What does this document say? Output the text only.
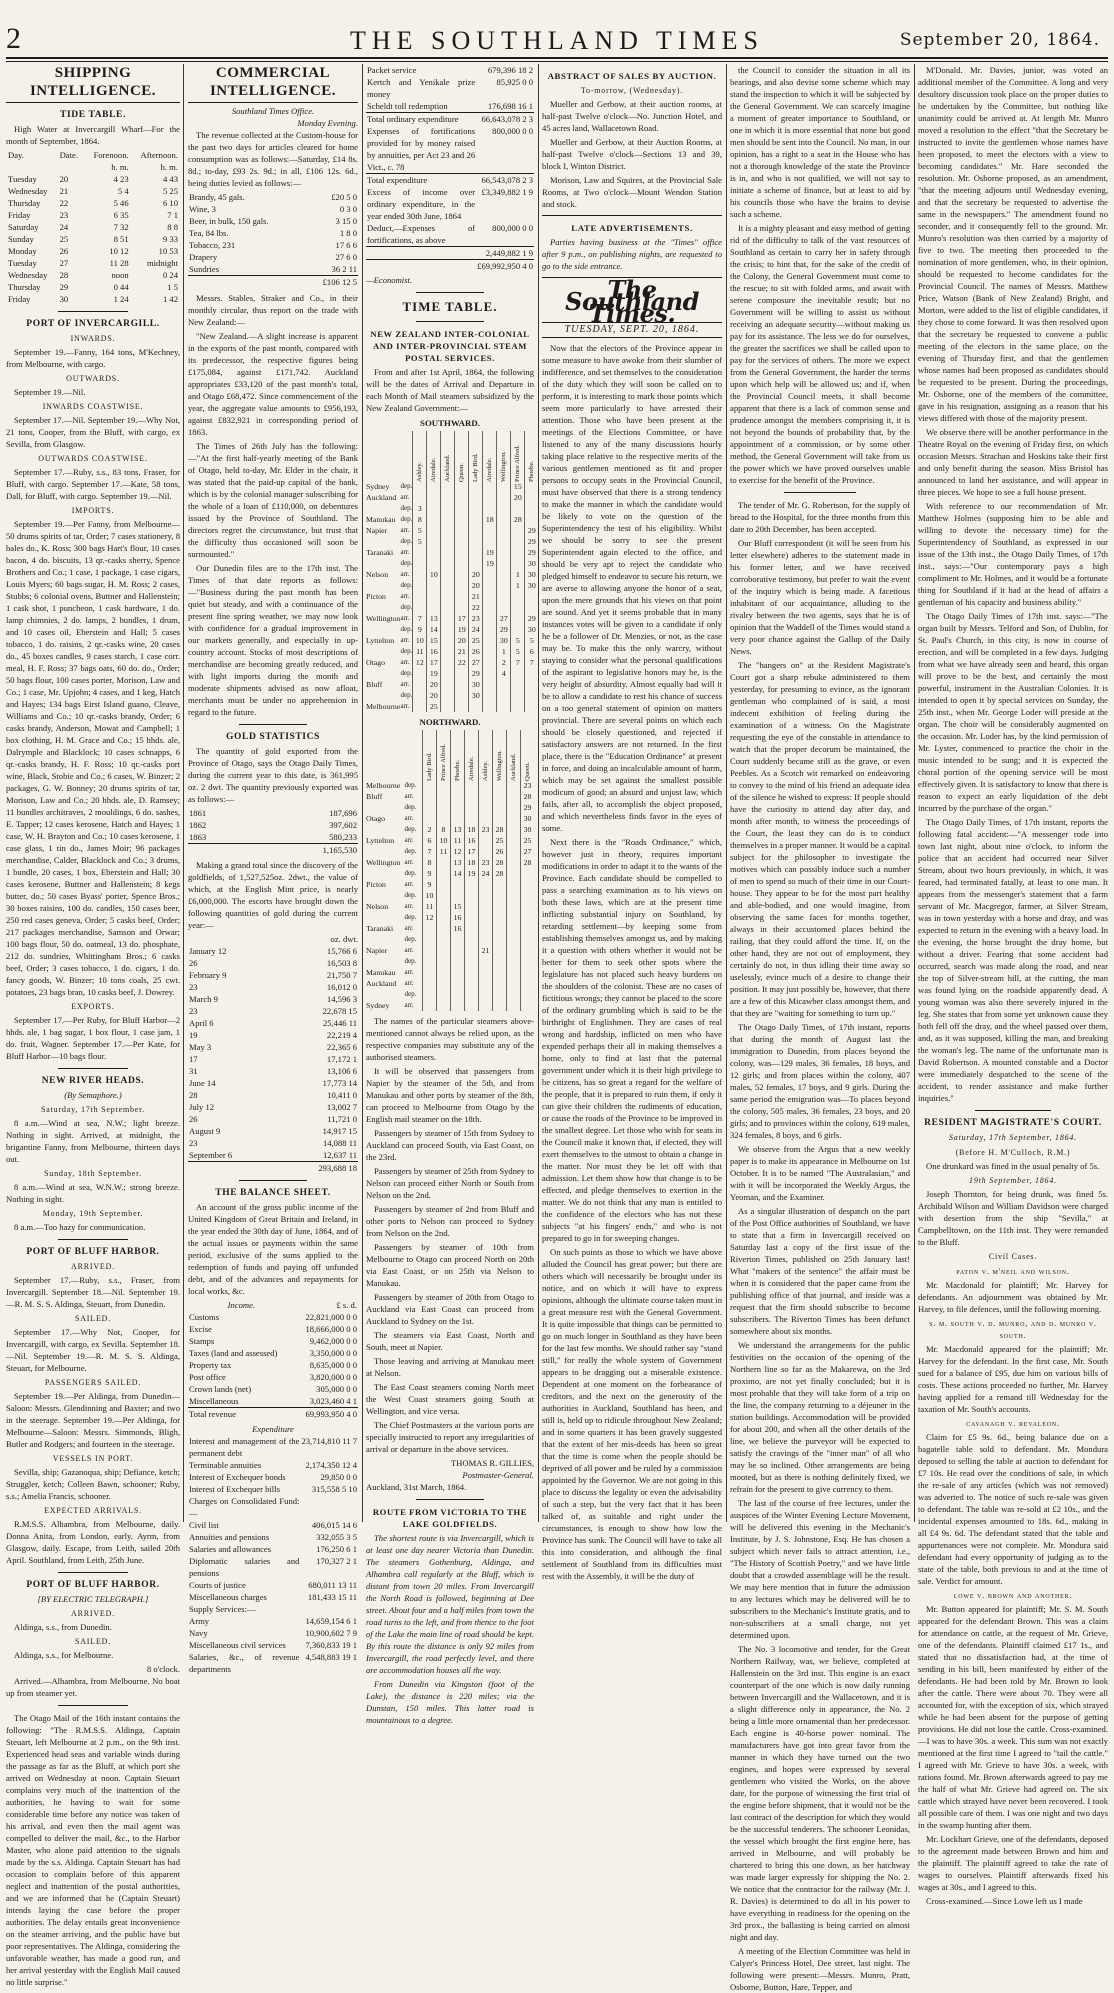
2	THE SOUTHLAND TIMES	September 20, 1864.
SHIPPING INTELLIGENCE.
TIDE TABLE.
High Water at Invercargill Wharf—For the month of September, 1864.
Day.	Date.	Forenoon.	Afternoon.
		h. m.	h. m.
Tuesday	20	4 23	4 43
Wednesday	21	5 4	5 25
Thursday	22	5 46	6 10
Friday	23	6 35	7 1
Saturday	24	7 32	8 8
Sunday	25	8 51	9 33
Monday	26	10 12	10 53
Tuesday	27	11 28	midnight
Wednesday	28	noon	0 24
Thursday	29	0 44	1 5
Friday	30	1 24	1 42
PORT OF INVERCARGILL.
INWARDS.
September 19.—Fanny, 164 tons, M'Kechney, from Melbourne, with cargo.
OUTWARDS.
September 19.—Nil.
INWARDS COASTWISE.
September 17.—Nil. September 19.—Why Not, 21 tons, Cooper, from the Bluff, with cargo, ex Sevilla, from Glasgow.
OUTWARDS COASTWISE.
September 17.—Ruby, s.s., 83 tons, Fraser, for Bluff, with cargo. September 17.—Kate, 58 tons, Dall, for Bluff, with cargo. September 19.—Nil.
IMPORTS.
September 19.—Per Fanny, from Melbourne—50 drums spirits of tar, Order; 7 cases stationery, 8 bales do., K. Ross; 300 bags Hart's flour, 10 cases bacon, 4 do. biscuits, 13 qr.-casks sherry, Spence Brothers and Co.; 1 case, 1 package, 1 case cigars, Louis Myers; 60 bags sugar, H. M. Ross; 2 cases, Stubbs; 6 colonial ovens, Buttner and Hallenstein; 1 cask shot, 1 puncheon, 1 cask hardware, 1 do. lamp chimnies, 2 do. lamps, 2 bundles, 1 drum, and 10 cases oil, Eberstein and Hall; 5 cases tobacco, 1 do. raisins, 2 qr.-casks wine, 20 cases do., 45 boxes candles, 9 cases starch, 1 case corr. meal, H. F. Ross; 37 bags oats, 60 do. do., Order; 50 bags flour, 100 cases porter, Morison, Law and Co.; 1 case, Mr. Upjohn; 4 cases, and 1 keg, Hatch and Hayes; 134 bags Eirst Island guano, Cleave, Williams and Co.; 10 qr.-casks brandy, Order; 6 casks brandy, Anderson, Mowat and Campbell; 1 box clothing, H. M. Grace and Co.; 15 hhds. ale, Dalrymple and Blacklock; 10 cases schnapps, 6 qr.-casks brandy, H. F. Ross; 10 qr.-casks port wine, Black, Stobie and Co.; 6 cases, W. Binzer; 2 packages, G. W. Bonney; 20 drums spirits of tar, Morison, Law and Co.; 20 hhds. ale, D. Ramsey; 11 bundles architraves, 2 mouldings, 6 do. sashes, E. Tapper; 12 cases kerosene, Hatch and Hayes; 1 case, W. H. Brayton and Co.; 10 cases kerosene, 1 case glass, 1 tin do., James Moir; 96 packages merchandise, Calder, Blacklock and Co.; 3 drums, 1 bundle, 20 cases, 1 box, Eberstein and Hall; 30 cases kerosene, Buttner and Hallenstein; 8 kegs butter, do.; 50 cases Byass' porter, Spence Bros.; 30 boxes raisins, 100 do. candles, 150 cases beer, 250 red cases geneva, Order; 5 casks beef, Order; 217 packages merchandise, Samson and Orwar; 100 bags flour, 50 do. oatmeal, 13 do. phosphate, 212 do. sundries, Whittingham Bros.; 6 casks beef, Order; 3 cases tobacco, 1 do. cigars, 1 do. fancy goods, W. Binzer; 10 tons coals, 25 cwt. potatoes, 23 bags bran, 10 casks beef, J. Dowrey.
EXPORTS.
September 17.—Per Ruby, for Bluff Harbor—2 hhds. ale, 1 bag sugar, 1 box flour, 1 case jam, 1 do. fruit, Wagner. September 17.—Per Kate, for Bluff Harbor—10 bags flour.
NEW RIVER HEADS.
(By Semaphore.)
Saturday, 17th September.
8 a.m.—Wind at sea, N.W.; light breeze. Nothing in sight. Arrived, at midnight, the brigantine Fanny, from Melbourne, thirteen days out.
Sunday, 18th September.
8 a.m.—Wind at sea, W.N.W.; strong breeze. Nothing in sight.
Monday, 19th September.
8 a.m.—Too hazy for communication.
PORT OF BLUFF HARBOR.
ARRIVED.
September 17.—Ruby, s.s., Fraser, from Invercargill. September 18.—Nil. September 19.—R. M. S. S. Aldinga, Steuart, from Dunedin.
SAILED.
September 17.—Why Not, Cooper, for Invercargill, with cargo, ex Sevilla. September 18.—Nil. September 19.—R. M. S. S. Aldinga, Steuart, for Melbourne.
PASSENGERS SAILED.
September 19.—Per Aldinga, from Dunedin—Saloon: Messrs. Glendinning and Baxter; and two in the steerage. September 19.—Per Aldinga, for Melbourne—Saloon: Messrs. Simmonds, Bligh, Butler and Rodgers; and fourteen in the steerage.
VESSELS IN PORT.
Sevilla, ship; Gazanoqua, ship; Defiance, ketch; Struggler, ketch; Colleen Bawn, schooner; Ruby, s.s.; Amelia Francis, schooner.
EXPECTED ARRIVALS.
R.M.S.S. Alhambra, from Melbourne, daily. Donna Anita, from London, early. Ayrm, from Glasgow, daily. Escape, from Leith, sailed 20th April. Southland, from Leith, 25th June.
PORT OF BLUFF HARBOR.
[BY ELECTRIC TELEGRAPH.]
ARRIVED.
Aldinga, s.s., from Dunedin.
SAILED.
Aldinga, s.s., for Melbourne.
8 o'clock.
Arrived.—Alhambra, from Melbourne. No boat up from steamer yet.
The Otago Mail of the 16th instant contains the following: "The R.M.S.S. Aldinga, Captain Steuart, left Melbourne at 2 p.m., on the 9th inst. Experienced head seas and variable winds during the passage as far as the Bluff, at which port she arrived on Wednesday at noon. Captain Steuart complains very much of the inattention of the authorities, he having to wait for some considerable time before any notice was taken of his arrival, and even then the mail agent was compelled to deliver the mail, &c., to the Harbor Master, who alone paid attention to the signals made by the s.s. Aldinga. Captain Steuart has had occasion to complain before of this apparent neglect and inattention of the postal authorities, and we are informed that he (Captain Steuart) intends laying the case before the proper authorities. The delay entails great inconvenience on the steamer arriving, and the public have but poor representatives. The Aldinga, considering the unfavorable weather, has made a good run, and her arrival yesterday with the English Mail caused no little surprise."
COMMERCIAL INTELLIGENCE.
Southland Times Office.
Monday Evening.
The revenue collected at the Custom-house for the past two days for articles cleared for home consumption was as follows:—Saturday, £14 8s. 8d.; to-day, £93 2s. 9d.; in all, £106 12s. 6d., being duties levied as follows:—
Brandy, 45 gals.	£20 5 0
Wine, 3	0 3 0
Beer, in bulk, 150 gals.	3 15 0
Tea, 84 lbs.	1 8 0
Tobacco, 231	17 6 6
Drapery	27 6 0
Sundries	36 2 11
	£106 12 5
Messrs. Stables, Straker and Co., in their monthly circular, thus report on the trade with New Zealand:—
"New Zealand.—A slight increase is apparent in the exports of the past month, compared with its predecessor, the respective figures being £175,084, against £171,742. Auckland appropriates £33,120 of the past month's total, and Otago £68,472. Since commencement of the year, the aggregate value amounts to £956,193, against £832,921 in corresponding period of 1863.
The Times of 26th July has the following:—"At the first half-yearly meeting of the Bank of Otago, held to-day, Mr. Elder in the chair, it was stated that the paid-up capital of the bank, which is by the colonial manager subscribing for the whole of a loan of £110,000, on debentures issued by the Province of Southland. The directors regret the circumstance, but trust that the difficulty thus occasioned will soon be surmounted."
Our Dunedin files are to the 17th inst. The Times of that date reports as follows:—"Business during the past month has been quiet but steady, and with a continuance of the present fine spring weather, we may now look with confidence for a gradual improvement in our markets generally, and especially in up-country account. Stocks of most descriptions of merchandise are becoming greatly reduced, and with light imports during the month and moderate shipments advised as now afloat, merchants must be under no apprehension in regard to the future.
GOLD STATISTICS
The quantity of gold exported from the Province of Otago, says the Otago Daily Times, during the current year to this date, is 361,995 oz. 2 dwt. The quantity previously exported was as follows:—
1861	187,696
1862	397,602
1863	580,233
	1,165,530
Making a grand total since the discovery of the goldfields, of 1,527,525oz. 2dwt., the value of which, at the English Mint price, is nearly £6,000,000. The escorts have brought down the following quantities of gold during the current year:—
oz. dwt.
January 12	15,766 6
26	16,503 8
February 9	21,750 7
23	16,012 0
March 9	14,596 3
23	22,678 15
April 6	25,446 11
19	22,219 4
May 3	22,365 6
17	17,172 1
31	13,106 6
June 14	17,773 14
28	10,411 0
July 12	13,002 7
26	11,721 0
August 9	14,917 15
23	14,088 11
September 6	12,637 11
	293,688 18
THE BALANCE SHEET.
An account of the gross public income of the United Kingdom of Great Britain and Ireland, in the year ended the 30th day of June, 1864, and of the actual issues or payments within the same period, exclusive of the sums applied to the redemption of funds and paying off unfunded debt, and of the advances and repayments for local works, &c.
Income.	£ s. d.
Customs	22,821,000 0 0
Excise	18,666,000 0 0
Stamps	9,462,000 0 0
Taxes (land and assessed)	3,350,000 0 0
Property tax	8,635,000 0 0
Post office	3,820,000 0 0
Crown lands (net)	305,000 0 0
Miscellaneous	3,023,460 4 1
Total revenue	69,993,950 4 0
Expenditure
Interest and management of the permanent debt	23,714,810 11 7
Terminable annuities	2,174,350 12 4
Interest of Exchequer bonds	29,850 0 0
Interest of Exchequer bills	315,558 5 10
Charges on Consolidated Fund:—	
Civil list	406,015 14 6
Annuities and pensions	332,055 3 5
Salaries and allowances	176,250 6 1
Diplomatic salaries and pensions	170,327 2 1
Courts of justice	680,011 13 11
Miscellaneous charges	181,433 15 11
Supply Services:—	
Army	14,659,154 6 1
Navy	10,900,602 7 9
Miscellaneous civil services	7,360,833 19 1
Salaries, &c., of revenue departments	4,548,883 19 1
Packet service	679,396 18 2
Kertch and Yenikale prize money	85,925 0 0
Scheldt toll redemption	176,698 16 1
Total ordinary expenditure	66,643,078 2 3
Expenses of fortifications provided for by money raised by annuities, per Act 23 and 26 Vict., c. 78	800,000 0 0
Total expenditure	66,543,078 2 3
Excess of income over ordinary expenditure, in the year ended 30th June, 1864	£3,349,882 1 9
Deduct,—Expenses of fortifications, as above	800,000 0 0
	2,449,882 1 9
	£69,992,950 4 0
—Economist.
TIME TABLE.
NEW ZEALAND INTER-COLONIAL AND INTER-PROVINCIAL STEAM POSTAL SERVICES.
From and after 1st April, 1864, the following will be the dates of Arrival and Departure in each Month of Mail steamers subsidized by the New Zealand Government:—
SOUTHWARD.
		Ashley.	Airedale.	Auckland.	Queen.	Lady Bird.	Airedale.	Wellington.	Prince Alfred.	Phoebe.
Sydney	dep.								15	
Auckland	arr.								20	
	dep.	3								
Manukau	dep.	8					18		28	
Napier	arr.	5								29
	dep.	5								29
Taranaki	arr.						19			29
	dep.						19			30
Nelson	arr.		10			20			1	30
	dep.					20			1	30
Picton	arr.					21				
	dep.					22				
Wellington	arr.	7	13		17	23		27		29
	dep.	9	14		19	24		29		30
Lyttelton	arr.	10	15		20	25		30	5	5
	dep.	11	16		21	26		1	5	6
Otago	arr.	12	17		22	27		2	7	7
	dep.		19			29		4		
Bluff	arr.		20			30				
	dep.		20			30				
Melbourne	arr.		25							
NORTHWARD.
		Lady Bird.	Prince Alfred.	Phoebe.	Airedale.	Ashley.	Wellington.	Auckland.	Queen.
Melbourne	dep.								23
Bluff	arr.								28
	dep.								29
Otago	arr.								30
	dep.	2	8	13	18	23	28		30
Lyttelton	arr.	6	10	11	16		25		25
	dep.	7	11	12	17		26		27
Wellington	arr.	8		13	18	23	28		28
	dep.	9		14	19	24	28		
Picton	arr.	9							
	dep.	10							
Nelson	arr.	11		15					
	dep.	12		16					
Taranaki	arr.			16					
	dep.								
Napier	arr.					21			
	dep.								
Manukau	arr.								
Auckland	arr.								
	dep.								
Sydney	arr.								
The names of the particular steamers above-mentioned cannot always be relied upon, as the respective companies may substitute any of the authorised steamers.
It will be observed that passengers from Napier by the steamer of the 5th, and from Manukau and other ports by steamer of the 8th, can proceed to Melbourne from Otago by the English mail steamer on the 18th.
Passengers by steamer of 15th from Sydney to Auckland can proceed South, via East Coast, on the 23rd.
Passengers by steamer of 25th from Sydney to Nelson can proceed either North or South from Nelson on the 2nd.
Passengers by steamer of 2nd from Bluff and other ports to Nelson can proceed to Sydney from Nelson on the 2nd.
Passengers by steamer of 10th from Melbourne to Otago can proceed North on 20th via East Coast, or on 25th via Nelson to Manukau.
Passengers by steamer of 20th from Otago to Auckland via East Coast can proceed from Auckland to Sydney on the 1st.
The steamers via East Coast, North and South, meet at Napier.
Those leaving and arriving at Manukau meet at Nelson.
The East Coast steamers coming North meet the West Coast steamers going South at Wellington, and vice versa.
The Chief Postmasters at the various ports are specially instructed to report any irregularities of arrival or departure in the above services.
THOMAS R. GILLIES,
Postmaster-General.
Auckland, 31st March, 1864.
ROUTE FROM VICTORIA TO THE LAKE GOLDFIELDS.
The shortest route is via Invercargill, which is at least one day nearer Victoria than Dunedin. The steamers Gothenburg, Aldinga, and Alhambra call regularly at the Bluff, which is distant from town 20 miles. From Invercargill the North Road is followed, beginning at Dee street. About four and a half miles from town the road turns to the left, and from thence to the foot of the Lake the main line of road should be kept. By this route the distance is only 92 miles from Invercargill, the road perfectly level, and there are accommodation houses all the way.
From Dunedin via Kingston (foot of the Lake), the distance is 220 miles; via the Dunstan, 150 miles. This latter road is mountainous to a degree.
ABSTRACT OF SALES BY AUCTION.
To-morrow, (Wednesday).
Mueller and Gerbow, at their auction rooms, at half-past Twelve o'clock—No. Junction Hotel, and 45 acres land, Wallacetown Road.
Mueller and Gerbow, at their Auction Rooms, at half-past Twelve o'clock—Sections 13 and 39, block I, Winton District.
Morison, Law and Squires, at the Provincial Sale Rooms, at Two o'clock—Mount Wendon Station and stock.
LATE ADVERTISEMENTS.
Parties having business at the "Times" office after 9 p.m., on publishing nights, are requested to go to the side entrance.
The Southland Times.
TUESDAY, SEPT. 20, 1864.
Now that the electors of the Province appear in some measure to have awoke from their slumber of indifference, and set themselves to the consideration of the duty which they will soon be called on to perform, it is interesting to mark those points which seem more particularly to have arrested their attention. Those who have been present at the meetings of the Elections Committee, or have listened to any of the many discussions hourly taking place relative to the respective merits of the various gentlemen mentioned as fit and proper persons to occupy seats in the Provincial Council, must have observed that there is a strong tendency to make the manner in which the candidate would be likely to vote on the question of the Superintendency the test of his eligibility. Whilst we should be sorry to see the present Superintendent again elected to the office, and should be very apt to reject the candidate who pledged himself to endeavor to secure his return, we are averse to allowing anyone the honor of a seat, upon the mere grounds that his views on that point are sound. And yet it seems probable that in many instances votes will be given to a candidate if only he be a follower of Dr. Menzies, or not, as the case may be. To make this the only warcry, without staying to consider what the personal qualifications of the aspirant to legislative honors may be, is the very height of absurdity. Almost equally bad will it be to allow a candidate to rest his chance of success on a too general statement of opinion on matters provincial. There are several points on which each should be closely questioned, and rejected if satisfactory answers are not returned. In the first place, there is the "Education Ordinance" at present in force, and doing an incalculable amount of harm, which may be set against the smallest possible modicum of good; an absurd and unjust law, which fails, after all, to accomplish the object proposed, and which nevertheless finds favor in the eyes of some.
Next there is the "Roads Ordinance," which, however just in theory, requires important modifications in order to adapt it to the wants of the Province. Each candidate should be compelled to pass a searching examination as to his views on both these laws, which are at the present time inflicting substantial injury on Southland, by retarding settlement—by keeping some from establishing themselves amongst us, and by making it a question with others whether it would not be better for them to seek other spots where the legislature has not placed such heavy burdens on the shoulders of the colonist. These are no cases of fictitious wrongs; they cannot be placed to the score of the ordinary grumbling which is said to be the birthright of Englishmen. They are cases of real wrong and hardship, inflicted on men who have expended perhaps their all in making themselves a home, only to find at last that the paternal government under which it is their high privilege to be citizens, has so great a regard for the welfare of the people, that it is prepared to ruin them, if only it can give their children the rudiments of education, or cause the roads of the Province to be improved in the smallest degree. Let those who wish for seats in the Council make it known that, if elected, they will exert themselves to the utmost to obtain a change in the matter. Nor must they be let off with that admission. Let them show how that change is to be effected, and pledge themselves to exertion in the matter. We do not think that any man is entitled to the confidence of the electors who has not these subjects "at his fingers' ends," and who is not prepared to go in for sweeping changes.
On such points as those to which we have above alluded the Council has great power; but there are others which will necessarily be brought under its notice, and on which it will have to express opinions, although the ultimate course taken must in a great measure rest with the General Government. It is quite impossible that things can be permitted to go on much longer in Southland as they have been for the last few months. We should rather say "stand still," for really the whole system of Government appears to be dragging out a miserable existence. Dependent at one moment on the forbearance of creditors, and the next on the generosity of the authorities in Auckland, Southland has been, and still is, held up to ridicule throughout New Zealand; and in some quarters it has been gravely suggested that the extent of her mis-deeds has been so great that the time is come when the people should be deprived of all power and be ruled by a commission appointed by the Governor. We are not going in this place to discuss the legality or even the advisability of such a step, but the very fact that it has been talked of, as suitable and right under the circumstances, is enough to show how low the Province has sunk. The Council will have to take all this into consideration, and although the final settlement of Southland from its difficulties must rest with the Assembly, it will be the duty of
the Council to consider the situation in all its bearings, and also devise some scheme which may stand the inspection to which it will be subjected by the General Government. We can scarcely imagine a moment of greater importance to Southland, or one in which it is more essential that none but good men should be sent into the Council. No man, in our opinion, has a right to a seat in the House who has not a thorough knowledge of the state the Province is in, and who is not qualified, we will not say to initiate a scheme of finance, but at least to aid by his councils those who have the brains to devise such a scheme.
It is a mighty pleasant and easy method of getting rid of the difficulty to talk of the vast resources of Southland as certain to carry her in safety through the crisis; to hint that, for the sake of the credit of the Colony, the General Government must come to the rescue; to sit with folded arms, and await with serene composure the inevitable result; but no Government will be willing to assist us without receiving an adequate security—without making us pay for its assistance. The less we do for ourselves, the greater the sacrifices we shall be called upon to pay for the services of others. The more we expect from the General Government, the harder the terms upon which help will be allowed us; and if, when the Provincial Council meets, it shall become apparent that there is a lack of common sense and prudence amongst the members comprising it, it is not beyond the bounds of probability that, by the appointment of a commission, or by some other method, the General Government will take from us the power which we have proved ourselves unable to exercise for the benefit of the Province.
The tender of Mr. G. Robertson, for the supply of bread to the Hospital, for the three months from this date to 20th December, has been accepted.
Our Bluff correspondent (it will be seen from his letter elsewhere) adheres to the statement made in his former letter, and we have received corroborative testimony, but prefer to wait the event of the inquiry which is being made. A facetious inhabitant of our acquaintance, alluding to the rivalry between the two agents, says that he is of opinion that the Waddell of the Times would stand a very poor chance against the Gallup of the Daily News.
The "hangers on" at the Resident Magistrate's Court got a sharp rebuke administered to them yesterday, for presuming to evince, as the ignorant gentleman who complained of is said, a most indecent exhibition of feeling during the examination of a witness. On the Magistrate requesting the eye of the constable in attendance to watch that the proper decorum be maintained, the Court suddenly became still as the grave, or even Peebles. As a Scotch wit remarked on endeavoring to convey to the mind of his friend an adequate idea of the silence he wished to express: If people should have the curiosity to attend day after day, and month after month, to witness the proceedings of the Court, the least they can do is to conduct themselves in a proper manner. It would be a capital subject for the philosopher to investigate the motives which can possibly induce such a number of men to spend so much of their time in our Court-house. They appear to be for the most part healthy and able-bodied, and one would imagine, from observing the same faces for months together, always in their accustomed places behind the railing, that they could afford the time. If, on the other hand, they are not out of employment, they certainly do not, in thus idling their time away so uselessly, evince much of a desire to change their position. It may just possibly be, however, that there are a few of this Micawber class amongst them, and that they are "waiting for something to turn up."
The Otago Daily Times, of 17th instant, reports that during the month of August last the immigration to Dunedin, from places beyond the colony, was—129 males, 36 females, 18 boys, and 12 girls; and from places within the colony, 407 males, 52 females, 17 boys, and 9 girls. During the same period the emigration was—To places beyond the colony, 505 males, 36 females, 23 boys, and 20 girls; and to provinces within the colony, 619 males, 324 females, 8 boys, and 6 girls.
We observe from the Argus that a new weekly paper is to make its appearance in Melbourne on 1st October. It is to be named "The Australasian," and with it will be incorporated the Weekly Argus, the Yeoman, and the Examiner.
As a singular illustration of despatch on the part of the Post Office authorities of Southland, we have to state that a firm in Invercargill received on Saturday last a copy of the first issue of the Riverton Times, published on 25th January last! What "makers of the sentence" the affair must be when it is considered that the paper came from the publishing office of that journal, and inside was a request that the firm should subscribe to become subscribers. The Riverton Times has been defunct somewhere about six months.
We understand the arrangements for the public festivities on the occasion of the opening of the Northern line so far as the Makarewa, on the 3rd proximo, are not yet finally concluded; but it is most probable that they will take form of a trip on the line, the company returning to a déjeuner in the station buildings. Accommodation will be provided for about 200, and when all the other details of the line, we believe the purveyor will be expected to satisfy the cravings of the "inner man" of all who may be so inclined. Other arrangements are being mooted, but as there is nothing definitely fixed, we refrain for the present to give currency to them.
The last of the course of free lectures, under the auspices of the Winter Evening Lecture Movement, will be delivered this evening in the Mechanic's Institute, by J. S. Johnstone, Esq. He has chosen a subject which never fails to attract attention, i.e., "The History of Scottish Poetry," and we have little doubt that a crowded assemblage will be the result. We may here mention that in future the admission to any lectures which may be delivered will be to subscribers to the Mechanic's Institute gratis, and to non-subscribers at a small charge, not yet determined upon.
The No. 3 locomotive and tender, for the Great Northern Railway, was, we believe, completed at Hallenstein on the 3rd inst. This engine is an exact counterpart of the one which is now daily running between Invercargill and the Wallacetown, and it is a slight difference only in appearance, the No. 2 being a little more ornamental than her predecessor. Each engine is 40-horse power nominal. The manufacturers have got into great favor from the manner in which they have turned out the two engines, and hopes were expressed by several gentlemen who visited the Works, on the above date, for the purpose of witnessing the first trial of the engine before shipment, that it would not be the last contract of the description for which they would be the successful tenderers. The schooner Leonidas, the vessel which brought the first engine here, has arrived in Melbourne, and will probably be chartered to bring this one down, as her hatchway was made larger expressly for shipping the No. 2. We notice that the contractor for the railway (Mr. J. R. Davies) is determined to do all in his power to have everything in readiness for the opening on the 3rd prox., the ballasting is being carried on almost night and day.
A meeting of the Election Committee was held in Calyer's Princess Hotel, Dee street, last night. The following were present:—Messrs. Munro, Pratt, Osborne, Button, Hare, Tepper, and
M'Donald. Mr. Davies, junior, was voted an additional member of the Committee. A long and very desultory discussion took place on the proper duties to be undertaken by the Committee, but nothing like unanimity could be arrived at. At length Mr. Munro moved a resolution to the effect "that the Secretary be instructed to invite the gentlemen whose names have been proposed, to meet the electors with a view to becoming candidates." Mr. Hare seconded the resolution. Mr. Osborne proposed, as an amendment, "that the meeting adjourn until Wednesday evening, and that the secretary be requested to advertise the same in the newspapers." The amendment found no seconder, and it consequently fell to the ground. Mr. Munro's resolution was then carried by a majority of five to two. The meeting then proceeded to the nomination of more gentlemen, who, in their opinion, should be requested to become candidates for the Provincial Council. The names of Messrs. Matthew Price, Watson (Bank of New Zealand) Bright, and Morton, were added to the list of eligible candidates, if they chose to come forward. It was then resolved upon that the secretary be requested to convene a public meeting of the electors in the same place, on the evening of Thursday first, and that the gentlemen whose names had been proposed as candidates should be requested to be present. During the proceedings, Mr. Osborne, one of the members of the committee, gave in his resignation, assigning as a reason that his views differed with those of the majority present.
We observe there will be another performance in the Theatre Royal on the evening of Friday first, on which occasion Messrs. Strachan and Hoskins take their first and only benefit during the season. Miss Bristol has announced to land her assistance, and will appear in three pieces. We hope to see a full house present.
With reference to our recommendation of Mr. Matthew Holmes (supposing him to be able and willing to devote the necessary time) for the Superintendency of Southland, as expressed in our issue of the 13th inst., the Otago Daily Times, of 17th inst., says:—"Our contemporary pays a high compliment to Mr. Holmes, and it would be a fortunate thing for Southland if it had at the head of affairs a gentleman of his capacity and business ability."
The Otago Daily Times of 17th inst. says:—"The organ built by Messrs. Telford and Son, of Dublin, for St. Paul's Church, in this city, is now in course of erection, and will be completed in a few days. Judging from what we have already seen and heard, this organ will prove to be the best, and certainly the most powerful, instrument in the Australian Colonies. It is intended to open it by special services on Sunday, the 25th inst., when Mr. George Loder will preside at the organ. The choir will be considerably augmented on the occasion. Mr. Loder has, by the kind permission of Mr. Lyster, commenced to practice the choir in the music intended to be sung; and it is expected the choral portion of the opening service will be most effectively given. It is satisfactory to know that there is reason to expect an early liquidation of the debt incurred by the purchase of the organ."
The Otago Daily Times, of 17th instant, reports the following fatal accident:—"A messenger rode into town last night, about nine o'clock, to inform the police that an accident had occurred near Silver Stream, about two hours previously, in which, it was feared, had terminated fatally, at least to one man. It appears from the messenger's statement that a farm servant of Mr. Macgregor, farmer, at Silver Stream, was in town yesterday with a horse and dray, and was expected to return in the evening with a heavy load. In the evening, the horse brought the dray home, but without a driver. Fearing that some accident had occurred, search was made along the road, and near the top of Silver-stream hill, at the cutting, the man was found lying on the roadside apparently dead. A young woman was also there severely injured in the leg. She states that from some yet unknown cause they both fell off the dray, and the wheel passed over them, and, as it was supposed, killing the man, and breaking the woman's leg. The name of the unfortunate man is David Robertson. A mounted constable and a Doctor were immediately despatched to the scene of the accident, to render assistance and make further inquiries."
RESIDENT MAGISTRATE'S COURT.
Saturday, 17th September, 1864.
(Before H. M'Culloch, R.M.)
One drunkard was fined in the usual penalty of 5s.
19th September, 1864.
Joseph Thornton, for being drunk, was fined 5s. Archibald Wilson and William Davidson were charged with desertion from the ship "Sevilla," at Campbelltown, on the 11th inst. They were remanded to the Bluff.
Civil Cases.
paton v. m'neil and wilson.
Mr. Macdonald for plaintiff; Mr. Harvey for defendants. An adjournment was obtained by Mr. Harvey, to file defences, until the following morning.
s. m. south v. d. munro, and d. munro v. south.
Mr. Macdonald appeared for the plaintiff; Mr. Harvey for the defendant. In the first case, Mr. South sued for a balance of £95, due him on various bills of costs. These actions proceeded no further, Mr. Harvey having applied for a remand till Wednesday for the taxation of Mr. South's accounts.
cavanagh v. revaleon.
Claim for £5 9s. 6d., being balance due on a bagatelle table sold to defendant. Mr. Mondura deposed to selling the table at auction to defendant for £7 10s. He read over the conditions of sale, in which the re-sale of any articles (which was not removed) was adverted to. The notice of such re-sale was given to defendant. The table was re-sold at £2 10s., and the incidental expenses amounted to 18s. 6d., making in all £4 9s. 6d. The defendant stated that the table and appurtenances were not complete. Mr. Mondura said defendant had every opportunity of judging as to the state of the table, both previous to and at the time of sale. Verdict for amount.
lowe v. brown and another.
Mr. Button appeared for plaintiff; Mr. S. M. South appeared for the defendant Brown. This was a claim for attendance on cattle, at the request of Mr. Grieve, one of the defendants. Plaintiff claimed £17 1s., and stated that no dissatisfaction had, at the time of sending in his bill, been manifested by either of the defendants. He had been told by Mr. Brown to look after the cattle. There were about 70. They were all accounted for, with the exception of six, which strayed while he had been absent for the purpose of getting provisions. He did not lose the cattle. Cross-examined.—I was to have 30s. a week. This sum was not exactly mentioned at the first time I agreed to "tail the cattle." I agreed with Mr. Grieve to have 30s. a week, with rations found. Mr. Brown afterwards agreed to pay me the half of what Mr. Grieve had agreed on. The six cattle which strayed have never been recovered. I took all possible care of them. I was one night and two days in the swamp hunting after them.
Mr. Lockhart Grieve, one of the defendants, deposed to the agreement made between Brown and him and the plaintiff. The plaintiff agreed to take the rate of wages to ourselves. Plaintiff afterwards fixed his wages at 30s., and I agreed to this.
Cross-examined.—Since Lowe left us I made
